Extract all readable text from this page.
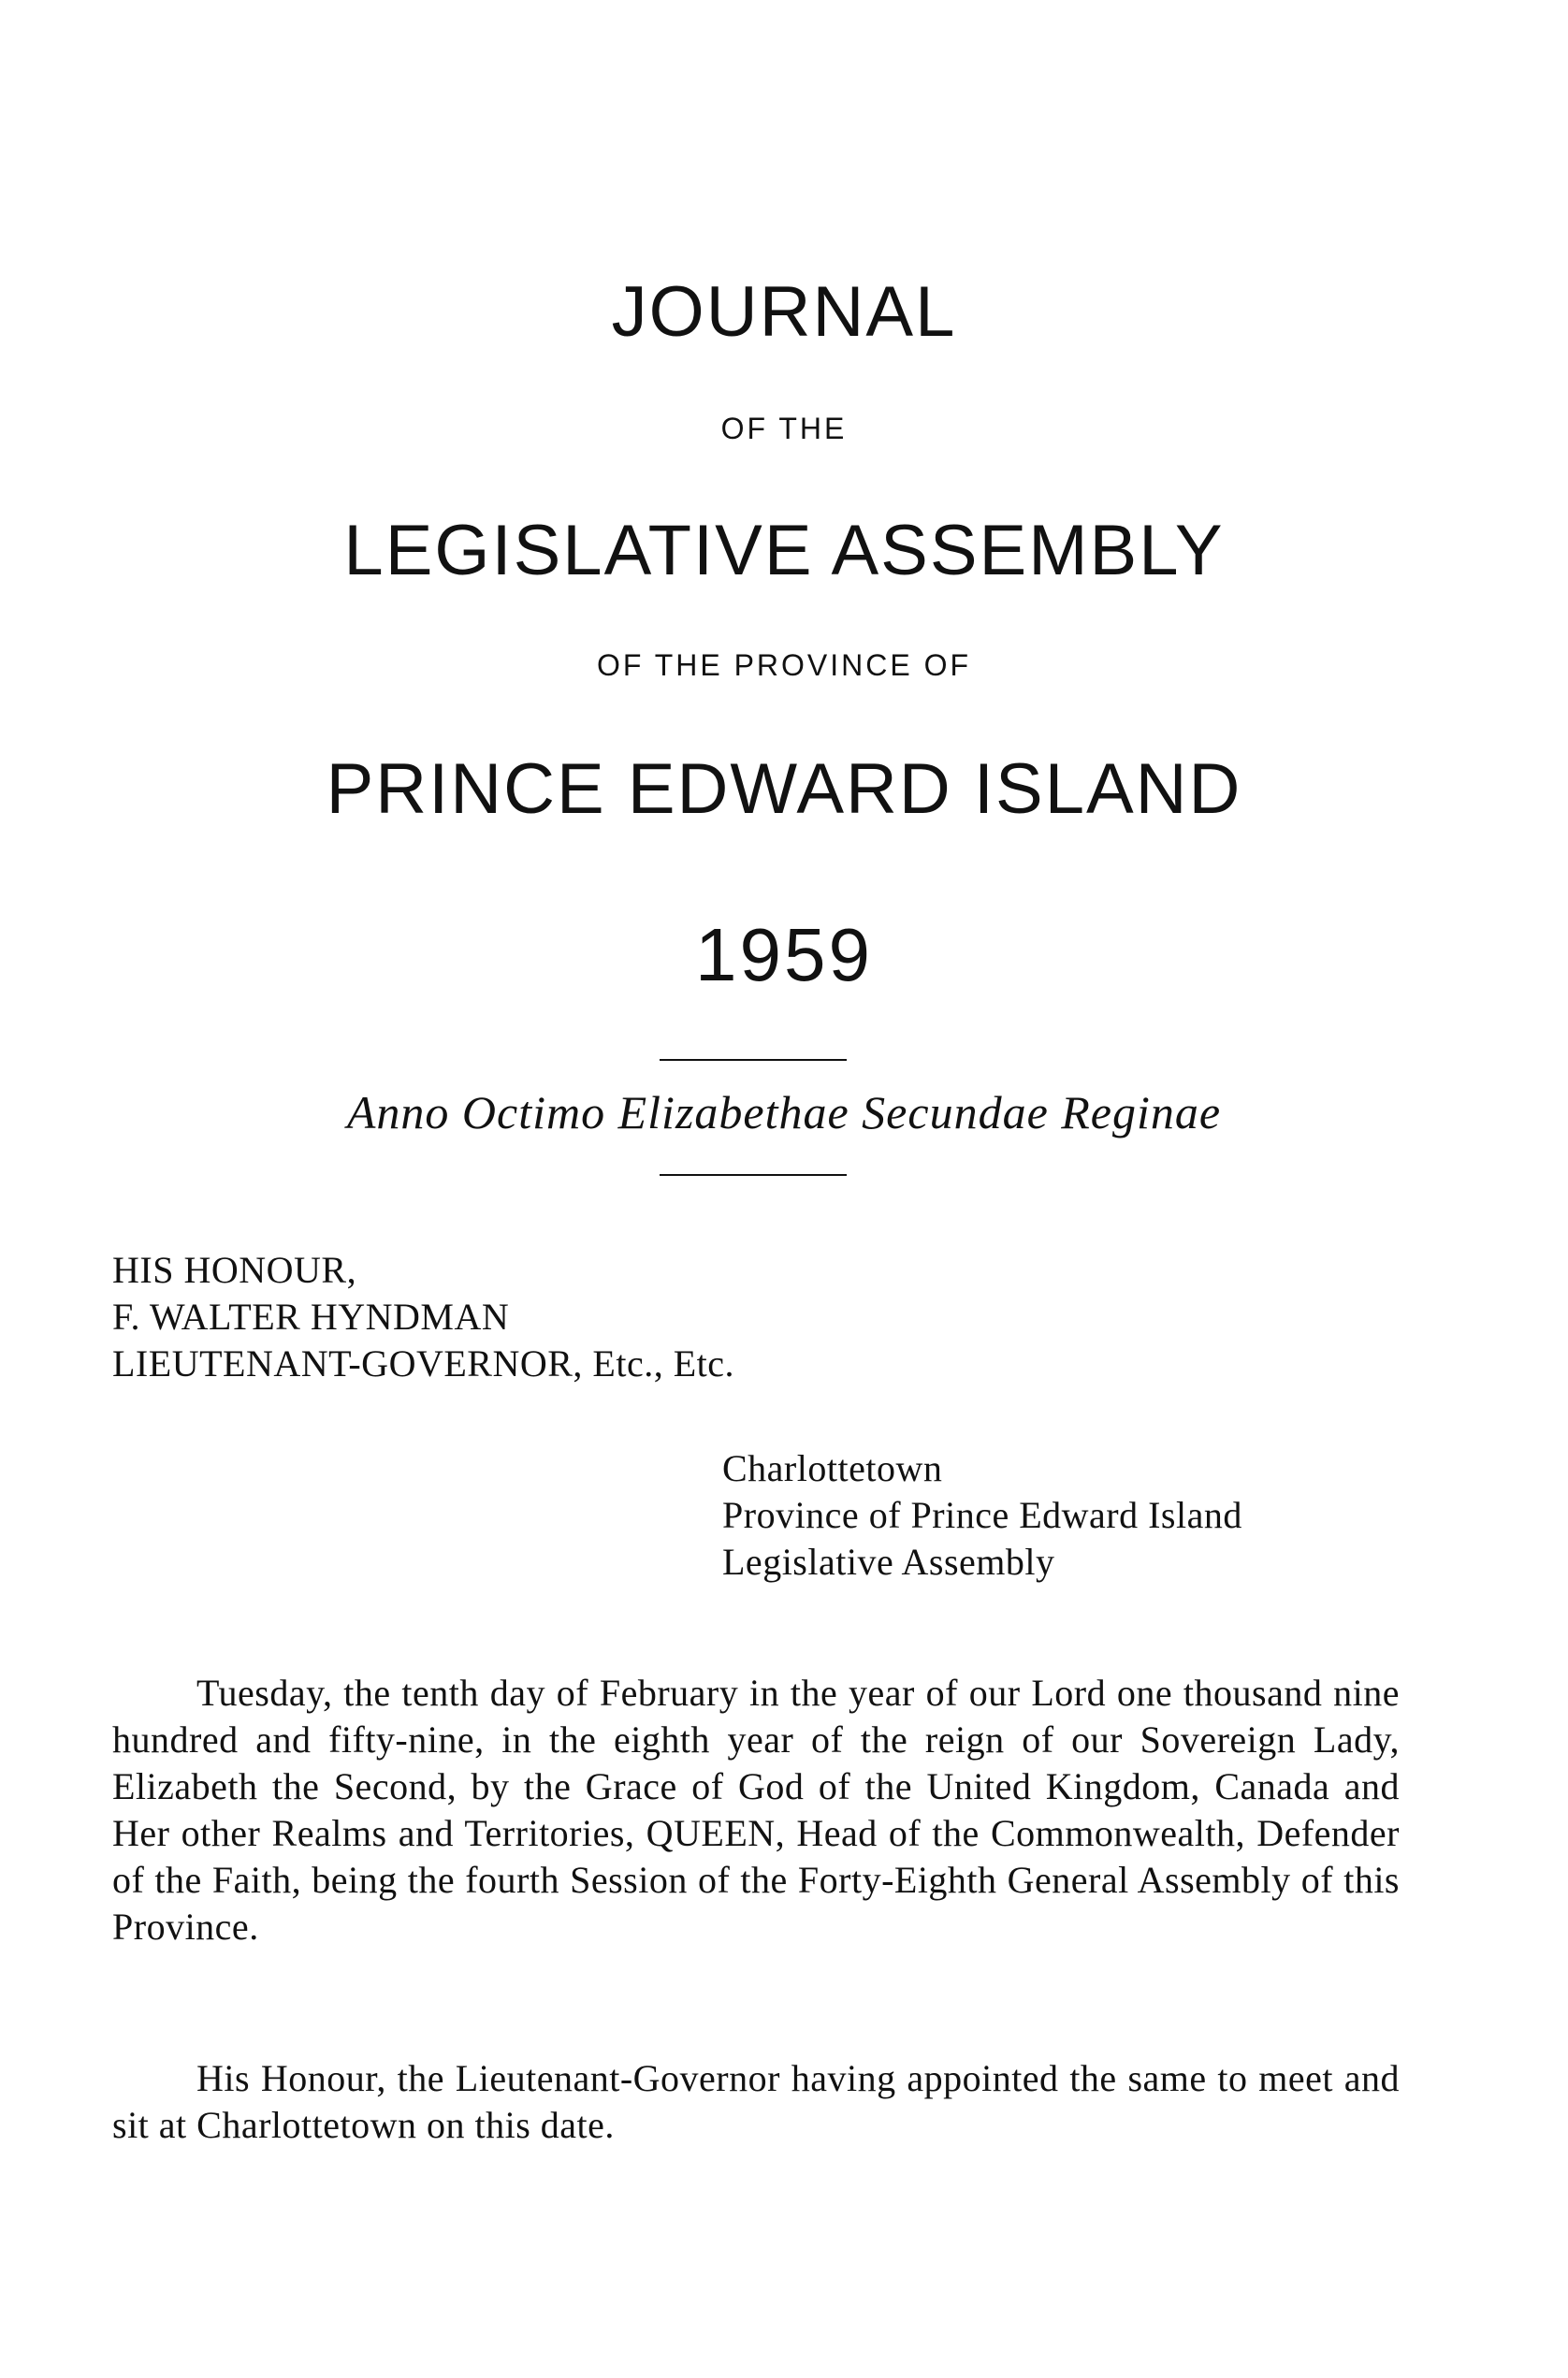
JOURNAL
OF THE
LEGISLATIVE ASSEMBLY
OF THE PROVINCE OF
PRINCE EDWARD ISLAND
1959
Anno Octimo Elizabethae Secundae Reginae
HIS HONOUR,
F. WALTER HYNDMAN
LIEUTENANT-GOVERNOR, Etc., Etc.
Charlottetown
Province of Prince Edward Island
Legislative Assembly

Tuesday, the tenth day of February in the year of our Lord one thousand nine hundred and fifty-nine, in the eighth year of the reign of our Sovereign Lady, Elizabeth the Second, by the Grace of God of the United Kingdom, Canada and Her other Realms and Territories, QUEEN, Head of the Commonwealth, Defender of the Faith, being the fourth Session of the Forty-Eighth General Assembly of this Province.

His Honour, the Lieutenant-Governor having appointed the same to meet and sit at Charlottetown on this date.
